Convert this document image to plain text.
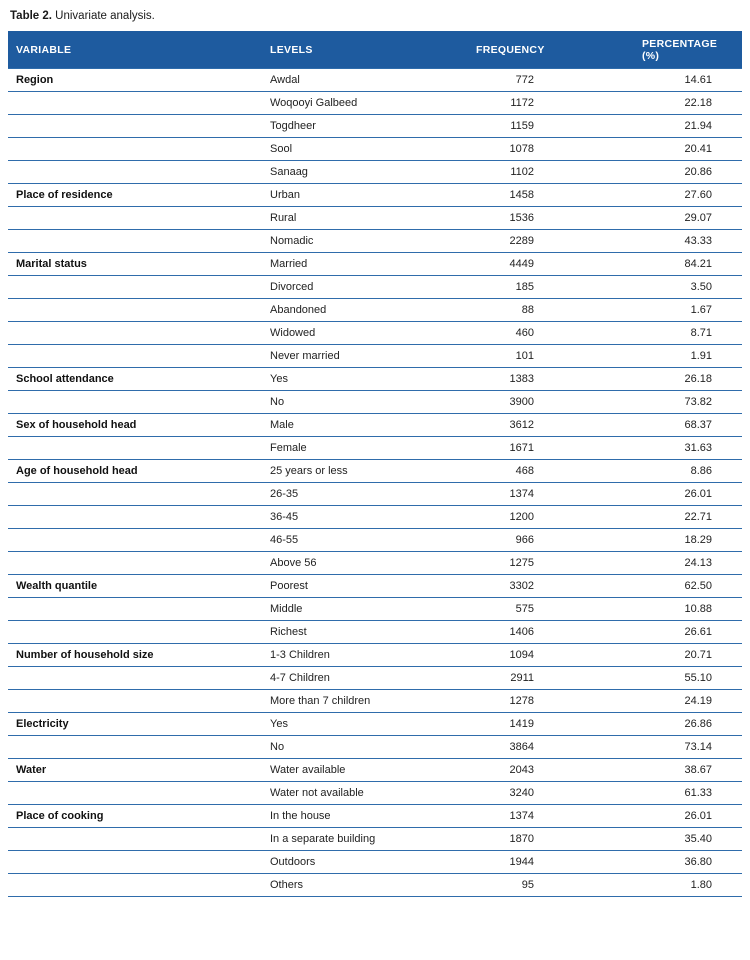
Table 2. Univariate analysis.
VARIABLE	LEVELS	FREQUENCY	PERCENTAGE (%)
Region	Awdal	772	14.61
	Woqooyi Galbeed	1172	22.18
	Togdheer	1159	21.94
	Sool	1078	20.41
	Sanaag	1102	20.86
Place of residence	Urban	1458	27.60
	Rural	1536	29.07
	Nomadic	2289	43.33
Marital status	Married	4449	84.21
	Divorced	185	3.50
	Abandoned	88	1.67
	Widowed	460	8.71
	Never married	101	1.91
School attendance	Yes	1383	26.18
	No	3900	73.82
Sex of household head	Male	3612	68.37
	Female	1671	31.63
Age of household head	25 years or less	468	8.86
	26-35	1374	26.01
	36-45	1200	22.71
	46-55	966	18.29
	Above 56	1275	24.13
Wealth quantile	Poorest	3302	62.50
	Middle	575	10.88
	Richest	1406	26.61
Number of household size	1-3 Children	1094	20.71
	4-7 Children	2911	55.10
	More than 7 children	1278	24.19
Electricity	Yes	1419	26.86
	No	3864	73.14
Water	Water available	2043	38.67
	Water not available	3240	61.33
Place of cooking	In the house	1374	26.01
	In a separate building	1870	35.40
	Outdoors	1944	36.80
	Others	95	1.80
